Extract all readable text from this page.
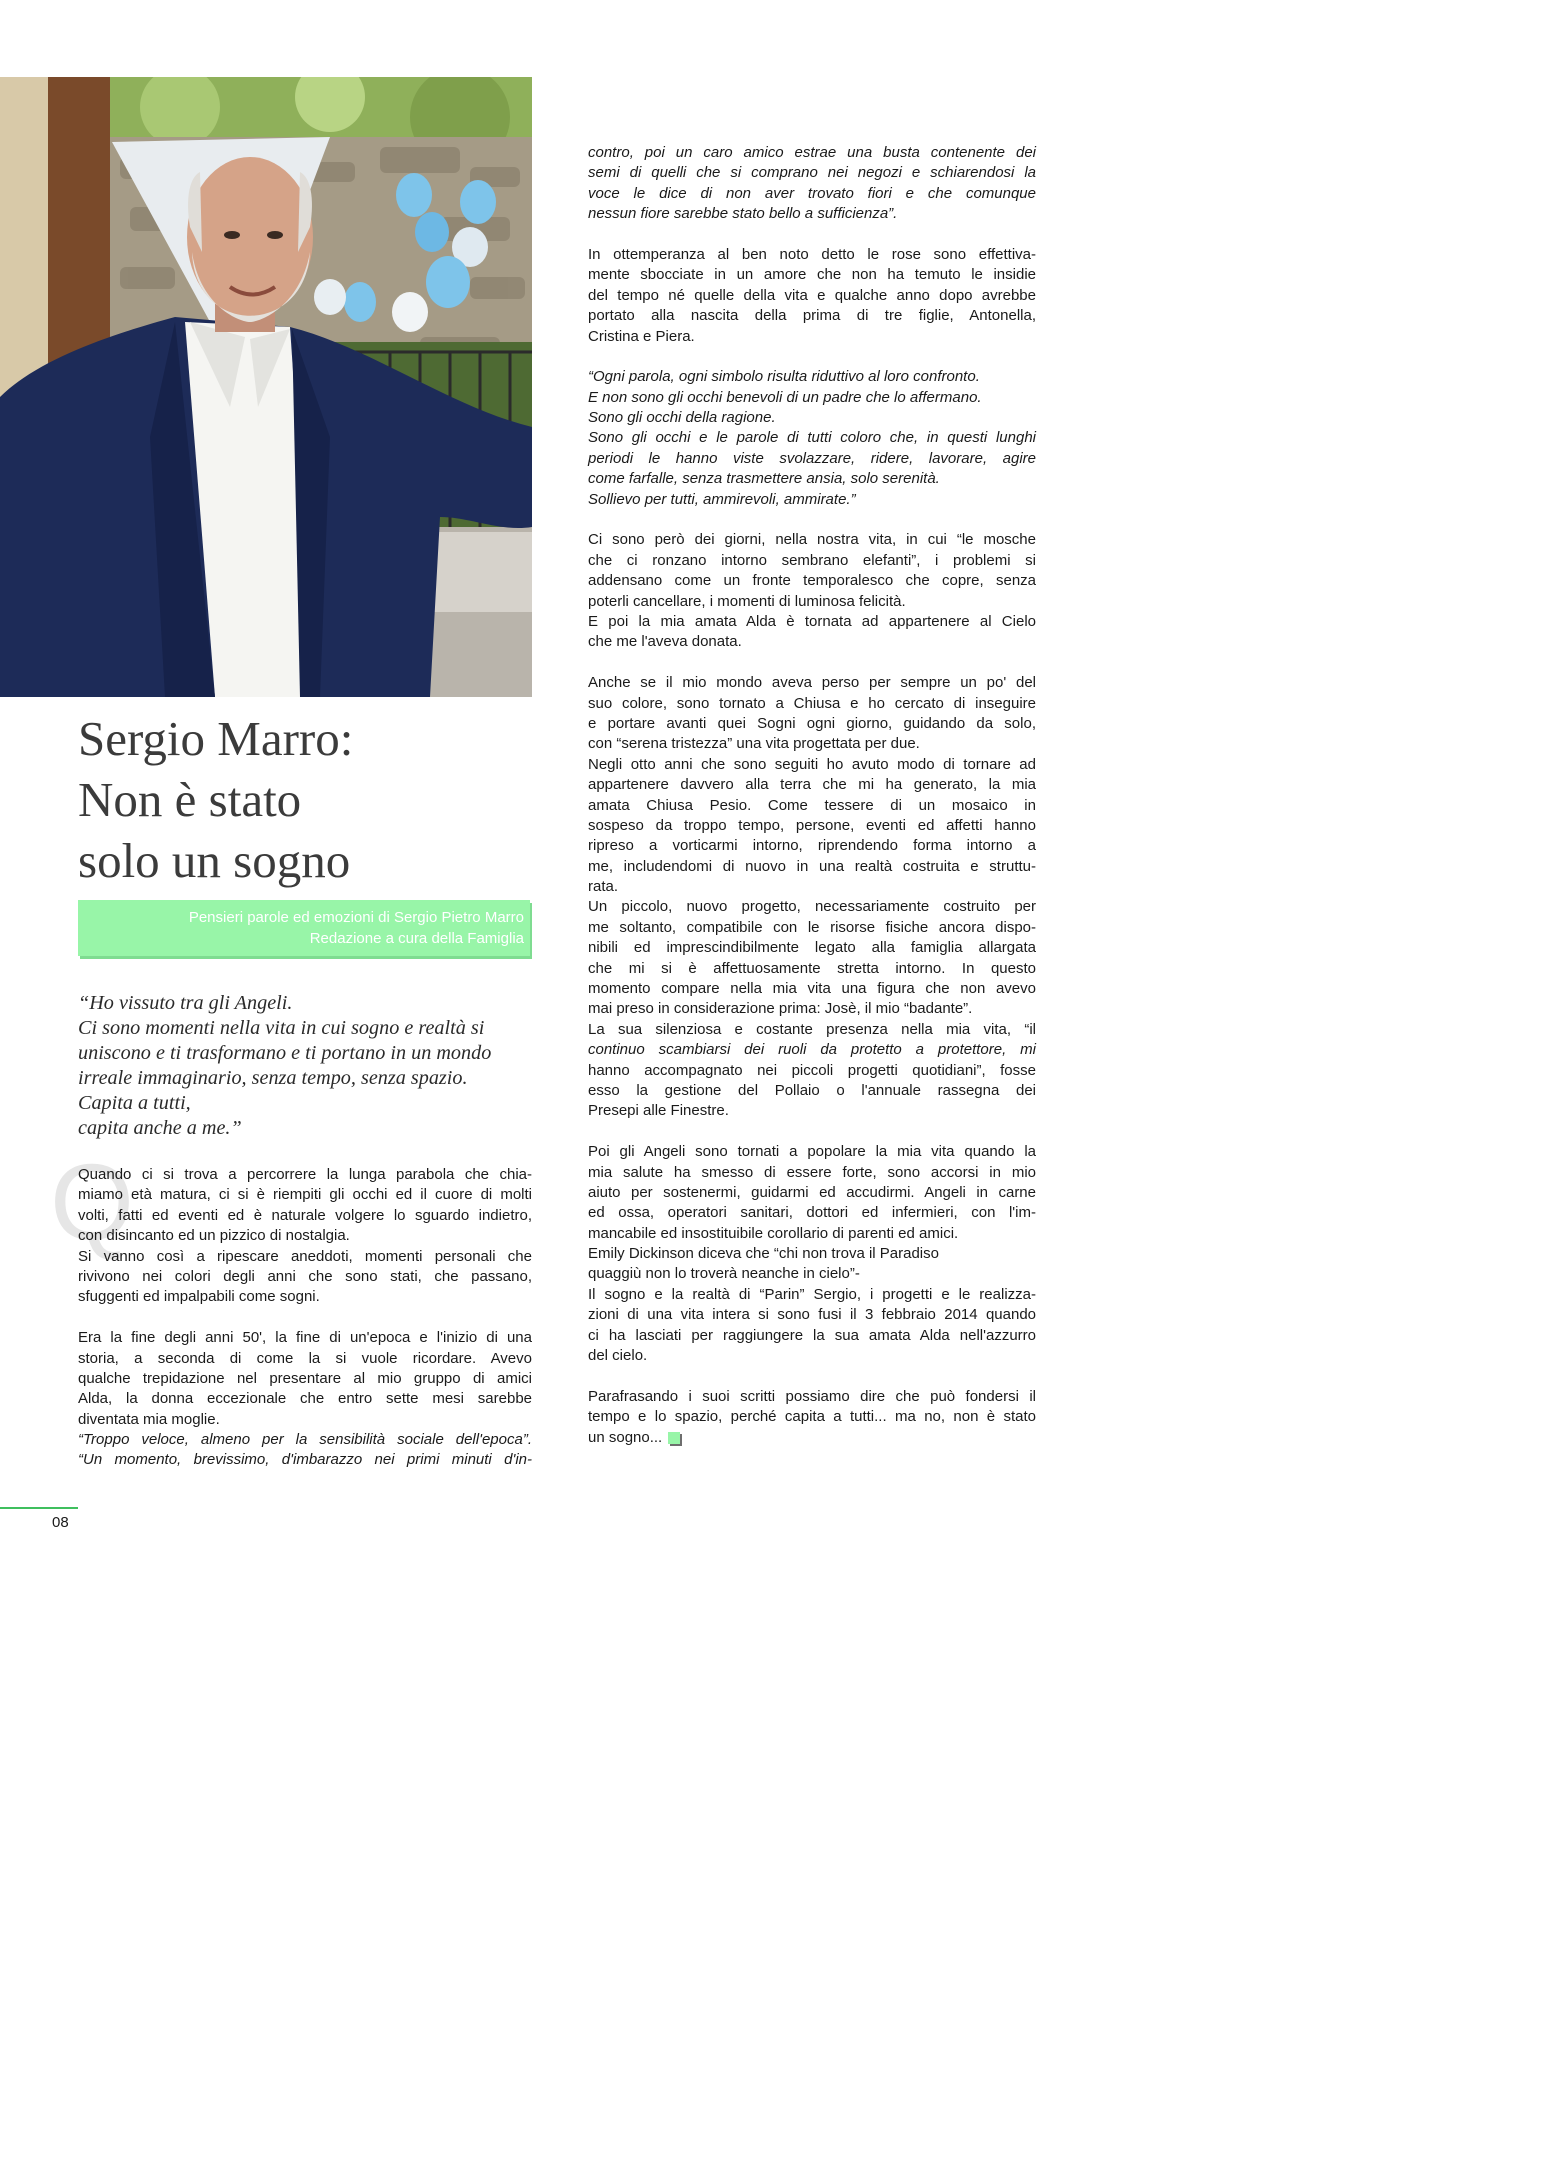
Sergio Marro:
Non è stato
solo un sogno
Pensieri parole ed emozioni di Sergio Pietro Marro
Redazione a cura della Famiglia
“Ho vissuto tra gli Angeli.
Ci sono momenti nella vita in cui sogno e realtà si
uniscono e ti trasformano e ti portano in un mondo
irreale immaginario, senza tempo, senza spazio.
Capita a tutti,
capita anche a me.”
Q
Quando ci si trova a percorrere la lunga parabola che chia-
miamo età matura, ci si è riempiti gli occhi ed il cuore di molti
volti, fatti ed eventi ed è naturale volgere lo sguardo indietro,
con disincanto ed un pizzico di nostalgia.
Si vanno così a ripescare aneddoti, momenti personali che
rivivono nei colori degli anni che sono stati, che passano,
sfuggenti ed impalpabili come sogni.
Era la fine degli anni 50', la fine di un'epoca e l'inizio di una
storia, a seconda di come la si vuole ricordare. Avevo
qualche trepidazione nel presentare al mio gruppo di amici
Alda, la donna eccezionale che entro sette mesi sarebbe
diventata mia moglie.
“Troppo veloce, almeno per la sensibilità sociale dell'epoca”.
“Un momento, brevissimo, d'imbarazzo nei primi minuti d'in-
contro, poi un caro amico estrae una busta contenente dei
semi di quelli che si comprano nei negozi e schiarendosi la
voce le dice di non aver trovato fiori e che comunque
nessun fiore sarebbe stato bello a sufficienza”.
In ottemperanza al ben noto detto le rose sono effettiva-
mente sbocciate in un amore che non ha temuto le insidie
del tempo né quelle della vita e qualche anno dopo avrebbe
portato alla nascita della prima di tre figlie, Antonella,
Cristina e Piera.
“Ogni parola, ogni simbolo risulta riduttivo al loro confronto.
E non sono gli occhi benevoli di un padre che lo affermano.
Sono gli occhi della ragione.
Sono gli occhi e le parole di tutti coloro che, in questi lunghi
periodi le hanno viste svolazzare, ridere, lavorare, agire
come farfalle, senza trasmettere ansia, solo serenità.
Sollievo per tutti, ammirevoli, ammirate.”
Ci sono però dei giorni, nella nostra vita, in cui “le mosche
che ci ronzano intorno sembrano elefanti”, i problemi si
addensano come un fronte temporalesco che copre, senza
poterli cancellare, i momenti di luminosa felicità.
E poi la mia amata Alda è tornata ad appartenere al Cielo
che me l'aveva donata.
Anche se il mio mondo aveva perso per sempre un po' del
suo colore, sono tornato a Chiusa e ho cercato di inseguire
e portare avanti quei Sogni ogni giorno, guidando da solo,
con “serena tristezza” una vita progettata per due.
Negli otto anni che sono seguiti ho avuto modo di tornare ad
appartenere davvero alla terra che mi ha generato, la mia
amata Chiusa Pesio. Come tessere di un mosaico in
sospeso da troppo tempo, persone, eventi ed affetti hanno
ripreso a vorticarmi intorno, riprendendo forma intorno a
me, includendomi di nuovo in una realtà costruita e struttu-
rata.
Un piccolo, nuovo progetto, necessariamente costruito per
me soltanto, compatibile con le risorse fisiche ancora dispo-
nibili ed imprescindibilmente legato alla famiglia allargata
che mi si è affettuosamente stretta intorno. In questo
momento compare nella mia vita una figura che non avevo
mai preso in considerazione prima: Josè, il mio “badante”.
La sua silenziosa e costante presenza nella mia vita, “il
continuo scambiarsi dei ruoli da protetto a protettore, mi
hanno accompagnato nei piccoli progetti quotidiani”, fosse
esso la gestione del Pollaio o l'annuale rassegna dei
Presepi alle Finestre.
Poi gli Angeli sono tornati a popolare la mia vita quando la
mia salute ha smesso di essere forte, sono accorsi in mio
aiuto per sostenermi, guidarmi ed accudirmi. Angeli in carne
ed ossa, operatori sanitari, dottori ed infermieri, con l'im-
mancabile ed insostituibile corollario di parenti ed amici.
Emily Dickinson diceva che “chi non trova il Paradiso
quaggiù non lo troverà neanche in cielo”-
Il sogno e la realtà di “Parin” Sergio, i progetti e le realizza-
zioni di una vita intera si sono fusi il 3 febbraio 2014 quando
ci ha lasciati per raggiungere la sua amata Alda nell'azzurro
del cielo.
Parafrasando i suoi scritti possiamo dire che può fondersi il
tempo e lo spazio, perché capita a tutti... ma no, non è stato
un sogno...
08
